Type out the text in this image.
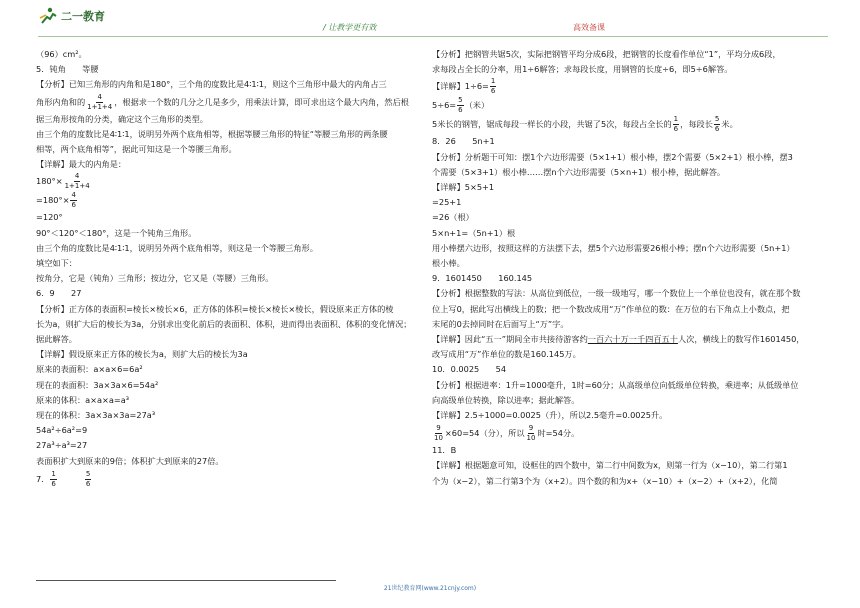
二一教育
/ 让教学更有效	高效备课
（96）cm²。
5．钝角　　等腰
【分析】已知三角形的内角和是180°，三个角的度数比是4∶1∶1，则这个三角形中最大的内角占三
角形内角和的 $\frac{4}{1+1+4}$ ，根据求一个数的几分之几是多少，用乘法计算，即可求出这个最大内角，然后根
据三角形按角的分类，确定这个三角形的类型。
由三个角的度数比是4∶1∶1，说明另外两个底角相等，根据等腰三角形的特征“等腰三角形的两条腰
相等，两个底角相等”，据此可知这是一个等腰三角形。
【详解】最大的内角是：
$180^\circ\times \frac{4}{1+1+4}$
$=180^\circ\times \frac{4}{6}$
=120°
90°＜120°＜180°，这是一个钝角三角形。
由三个角的度数比是4∶1∶1，说明另外两个底角相等，则这是一个等腰三角形。
填空如下：
按角分，它是（钝角）三角形；按边分，它又是（等腰）三角形。
6．9　　27
【分析】正方体的表面积=棱长×棱长×6，正方体的体积=棱长×棱长×棱长，假设原来正方体的棱
长为a，则扩大后的棱长为3a，分别求出变化前后的表面积、体积，进而得出表面积、体积的变化情况；
据此解答。
【详解】假设原来正方体的棱长为a，则扩大后的棱长为3a
原来的表面积：a×a×6=6a²
现在的表面积：3a×3a×6=54a²
原来的体积：a×a×a=a³
现在的体积：3a×3a×3a=27a³
54a²÷6a²=9
27a³÷a³=27
表面积扩大到原来的9倍；体积扩大到原来的27倍。
7． $\frac{1}{6}$	$\frac{5}{6}$
【分析】把钢管共锯5次，实际把钢管平均分成6段，把钢管的长度看作单位“1”，平均分成6段，
求每段占全长的分率，用1÷6解答；求每段长度，用钢管的长度÷6，即5÷6解答。
【详解】$1\div 6= \frac{1}{6}$
$5\div 6= \frac{5}{6}$ （米）
5米长的钢管，锯成每段一样长的小段，共锯了5次，每段占全长的 $\frac{1}{6}$ ，每段长 $\frac{5}{6}$ 米。
8．26　　5n+1
【分析】分析题干可知：摆1个六边形需要（5×1+1）根小棒，摆2个需要（5×2+1）根小棒，摆3
个需要（5×3+1）根小棒……摆n个六边形需要（5×n+1）根小棒，据此解答。
【详解】5×5+1
=25+1
=26（根）
5×n+1=（5n+1）根
用小棒摆六边形，按照这样的方法摆下去，摆5个六边形需要26根小棒；摆n个六边形需要（5n+1）
根小棒。
9．1601450　　160.145
【分析】根据整数的写法：从高位到低位，一级一级地写，哪一个数位上一个单位也没有，就在那个数
位上写0，据此写出横线上的数；把一个数改成用“万”作单位的数：在万位的右下角点上小数点，把
末尾的0去掉同时在后面写上“万”字。
【详解】因此“五一”期间全市共接待游客约一百六十万一千四百五十人次，横线上的数写作1601450，
改写成用“万”作单位的数是160.145万。
10．0.0025　　54
【分析】根据进率：1升=1000毫升，1时=60分；从高级单位向低级单位转换，乘进率；从低级单位
向高级单位转换，除以进率；据此解答。
【详解】2.5÷1000=0.0025（升），所以2.5毫升=0.0025升。
$\frac{9}{10} \times 60=54$（分），所以 $\frac{9}{10}$ 时=54分。
11．B
【详解】根据题意可知，设框住的四个数中，第二行中间数为x，则第一行为（x−10），第二行第1
个为（x−2），第二行第3个为（x+2）。四个数的和为x+（x−10）+（x−2）+（x+2），化简
21世纪教育网(www.21cnjy.com)
